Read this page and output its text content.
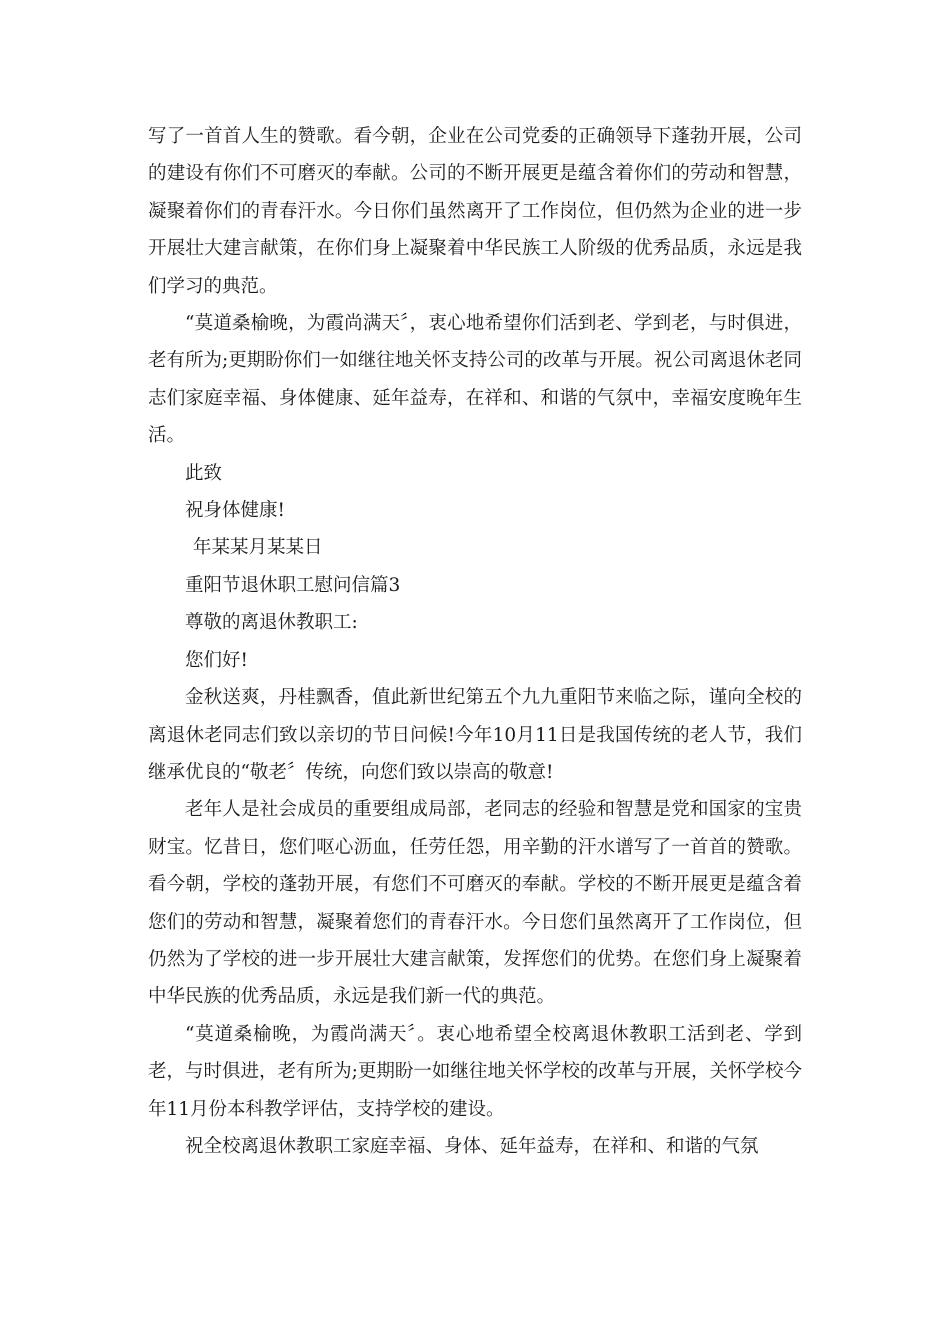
写了一首首人生的赞歌。看今朝，企业在公司党委的正确领导下蓬勃开展，公司的建设有你们不可磨灭的奉献。公司的不断开展更是蕴含着你们的劳动和智慧，凝聚着你们的青春汗水。今日你们虽然离开了工作岗位，但仍然为企业的进一步开展壮大建言献策，在你们身上凝聚着中华民族工人阶级的优秀品质，永远是我们学习的典范。

“莫道桑榆晚，为霞尚满天〞，衷心地希望你们活到老、学到老，与时俱进，老有所为;更期盼你们一如继往地关怀支持公司的改革与开展。祝公司离退休老同志们家庭幸福、身体健康、延年益寿，在祥和、和谐的气氛中，幸福安度晚年生活。

此致

祝身体健康!

年某某月某某日

重阳节退休职工慰问信篇3

尊敬的离退休教职工:

您们好!

金秋送爽，丹桂飘香，值此新世纪第五个九九重阳节来临之际，谨向全校的离退休老同志们致以亲切的节日问候!今年10月11日是我国传统的老人节，我们继承优良的“敬老〞传统，向您们致以崇高的敬意!

老年人是社会成员的重要组成局部，老同志的经验和智慧是党和国家的宝贵财宝。忆昔日，您们呕心沥血，任劳任怨，用辛勤的汗水谱写了一首首的赞歌。看今朝，学校的蓬勃开展，有您们不可磨灭的奉献。学校的不断开展更是蕴含着您们的劳动和智慧，凝聚着您们的青春汗水。今日您们虽然离开了工作岗位，但仍然为了学校的进一步开展壮大建言献策，发挥您们的优势。在您们身上凝聚着中华民族的优秀品质，永远是我们新一代的典范。

“莫道桑榆晚，为霞尚满天〞。衷心地希望全校离退休教职工活到老、学到老，与时俱进，老有所为;更期盼一如继往地关怀学校的改革与开展，关怀学校今年11月份本科教学评估，支持学校的建设。

祝全校离退休教职工家庭幸福、身体、延年益寿，在祥和、和谐的气氛
